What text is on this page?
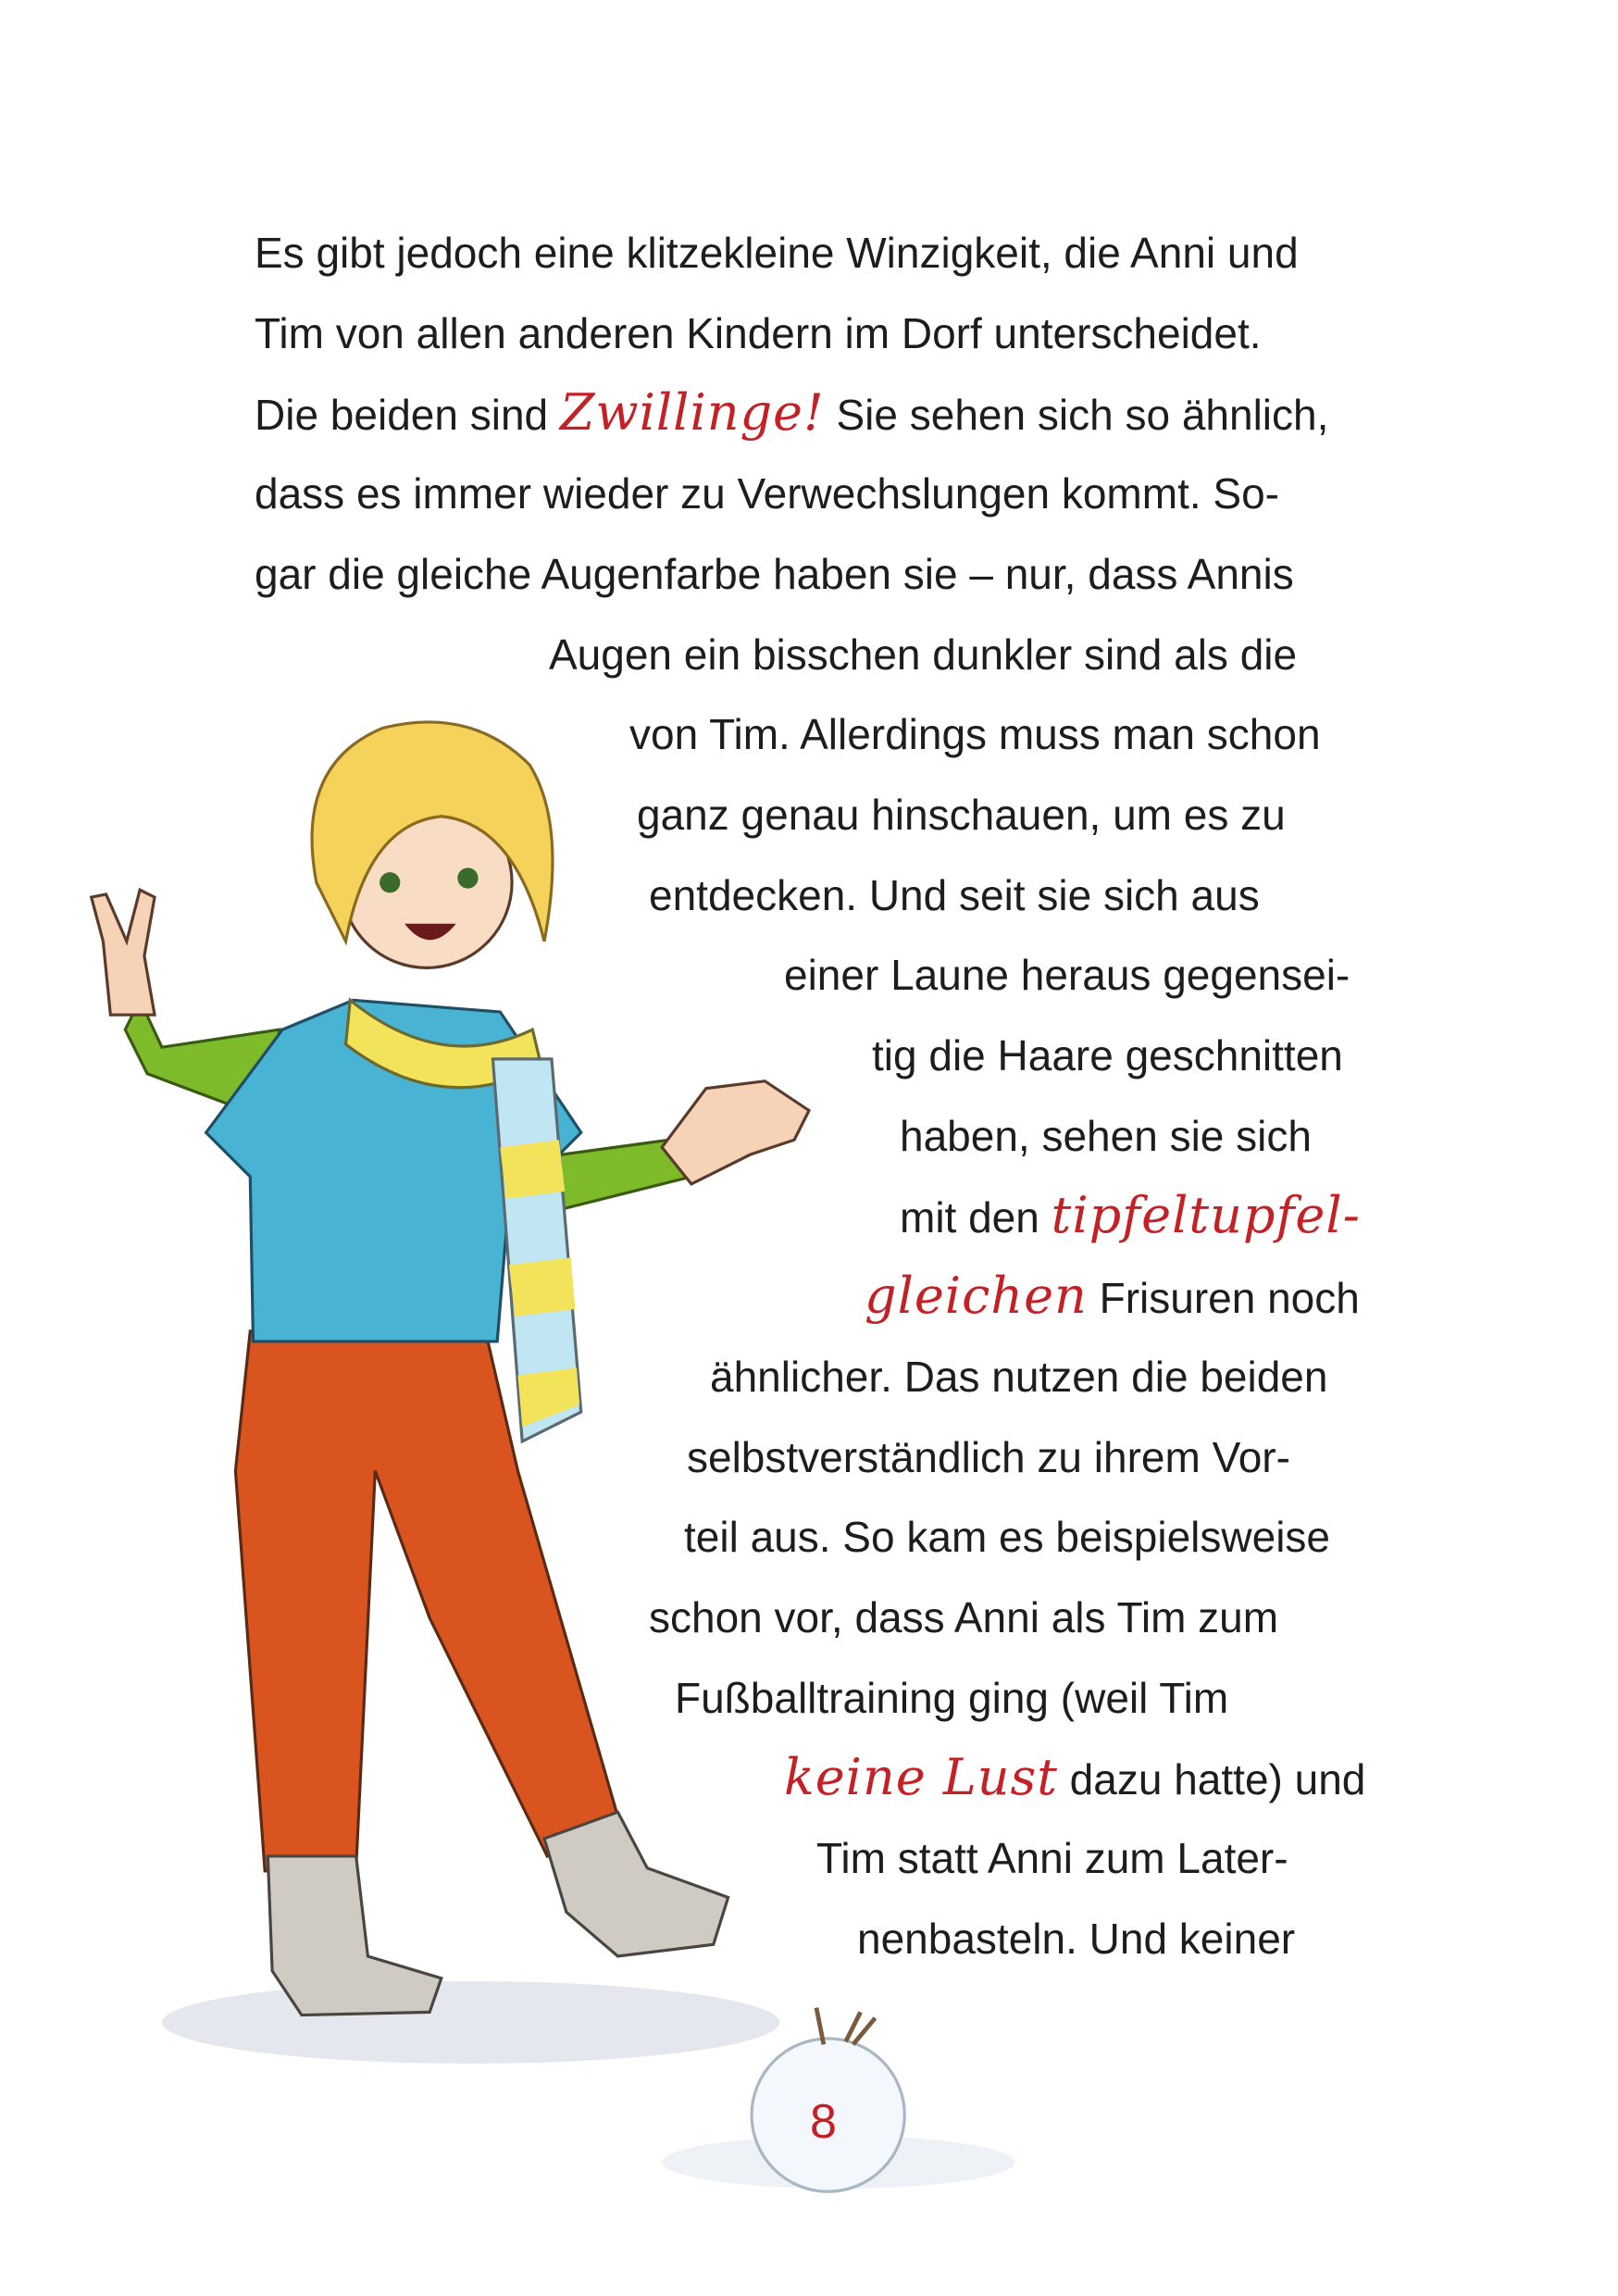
Es gibt jedoch eine klitzekleine Winzigkeit, die Anni und
Tim von allen anderen Kindern im Dorf unterscheidet.
Die beiden sind Zwillinge! Sie sehen sich so ähnlich,
dass es immer wieder zu Verwechslungen kommt. So-
gar die gleiche Augenfarbe haben sie – nur, dass Annis
Augen ein bisschen dunkler sind als die
von Tim. Allerdings muss man schon
ganz genau hinschauen, um es zu
entdecken. Und seit sie sich aus
einer Laune heraus gegensei-
tig die Haare geschnitten
haben, sehen sie sich
mit den tipfeltupfel-
gleichen Frisuren noch
ähnlicher. Das nutzen die beiden
selbstverständlich zu ihrem Vor-
teil aus. So kam es beispielsweise
schon vor, dass Anni als Tim zum
Fußballtraining ging (weil Tim
keine Lust dazu hatte) und
Tim statt Anni zum Later-
nenbasteln. Und keiner
8
